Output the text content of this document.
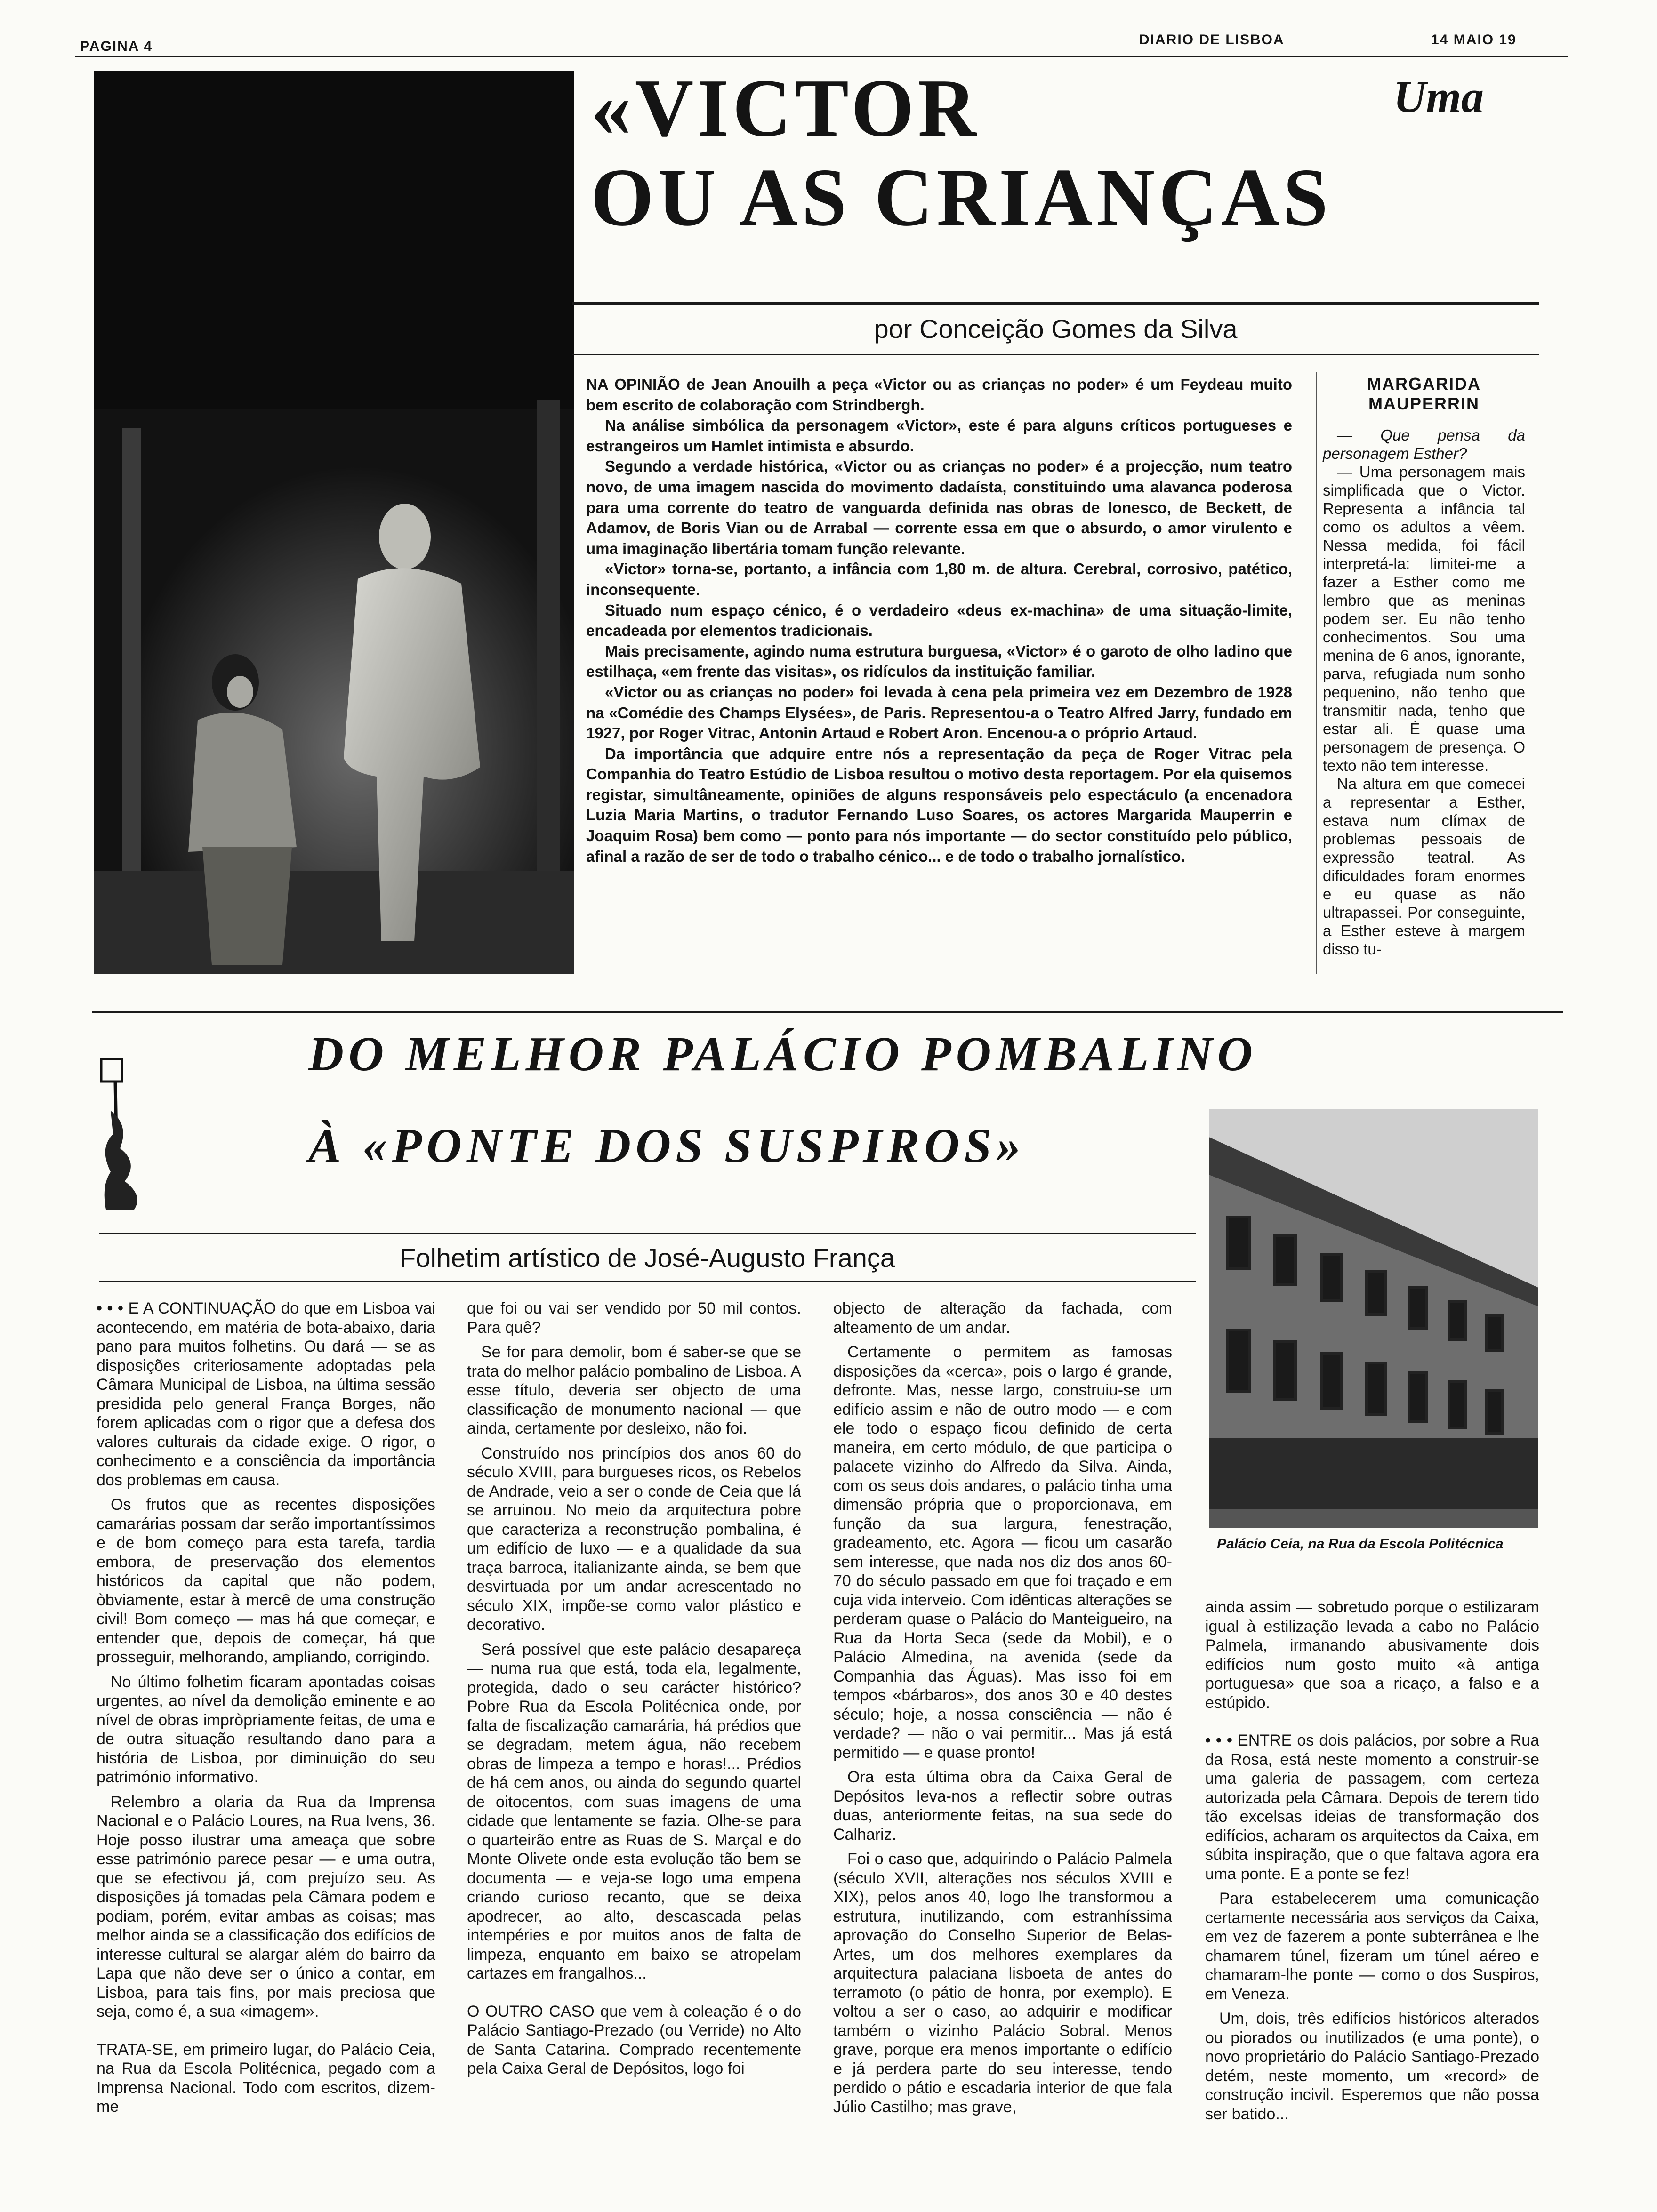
PAGINA 4	DIARIO DE LISBOA	14 MAIO 19
«VICTOR
OU AS CRIANÇAS
Uma
por Conceição Gomes da Silva

NA OPINIÃO de Jean Anouilh a peça «Victor ou as crianças no poder» é um Feydeau muito bem escrito de colaboração com Strindbergh.

Na análise simbólica da personagem «Victor», este é para alguns críticos portugueses e estrangeiros um Hamlet intimista e absurdo.

Segundo a verdade histórica, «Victor ou as crianças no poder» é a projecção, num teatro novo, de uma imagem nascida do movimento dadaísta, constituindo uma alavanca poderosa para uma corrente do teatro de vanguarda definida nas obras de Ionesco, de Beckett, de Adamov, de Boris Vian ou de Arrabal — corrente essa em que o absurdo, o amor virulento e uma imaginação libertária tomam função relevante.

«Victor» torna-se, portanto, a infância com 1,80 m. de altura. Cerebral, corrosivo, patético, inconsequente.

Situado num espaço cénico, é o verdadeiro «deus ex-machina» de uma situação-limite, encadeada por elementos tradicionais.

Mais precisamente, agindo numa estrutura burguesa, «Victor» é o garoto de olho ladino que estilhaça, «em frente das visitas», os ridículos da instituição familiar.

«Victor ou as crianças no poder» foi levada à cena pela primeira vez em Dezembro de 1928 na «Comédie des Champs Elysées», de Paris. Representou-a o Teatro Alfred Jarry, fundado em 1927, por Roger Vitrac, Antonin Artaud e Robert Aron. Encenou-a o próprio Artaud.

Da importância que adquire entre nós a representação da peça de Roger Vitrac pela Companhia do Teatro Estúdio de Lisboa resultou o motivo desta reportagem. Por ela quisemos registar, simultâneamente, opiniões de alguns responsáveis pelo espectáculo (a encenadora Luzia Maria Martins, o tradutor Fernando Luso Soares, os actores Margarida Mauperrin e Joaquim Rosa) bem como — ponto para nós importante — do sector constituído pelo público, afinal a razão de ser de todo o trabalho cénico... e de todo o trabalho jornalístico.

MARGARIDA MAUPERRIN

— Que pensa da personagem Esther?

— Uma personagem mais simplificada que o Victor. Representa a infância tal como os adultos a vêem. Nessa medida, foi fácil interpretá-la: limitei-me a fazer a Esther como me lembro que as meninas podem ser. Eu não tenho conhecimentos. Sou uma menina de 6 anos, ignorante, parva, refugiada num sonho pequenino, não tenho que transmitir nada, tenho que estar ali. É quase uma personagem de presença. O texto não tem interesse.

Na altura em que comecei a representar a Esther, estava num clímax de problemas pessoais de expressão teatral. As dificuldades foram enormes e eu quase as não ultrapassei. Por conseguinte, a Esther esteve à margem disso tu-

DO MELHOR PALÁCIO POMBALINO
À «PONTE DOS SUSPIROS»
Folhetim artístico de José-Augusto França
Palácio Ceia, na Rua da Escola Politécnica

• • • E A CONTINUAÇÃO do que em Lisboa vai acontecendo, em matéria de bota-abaixo, daria pano para muitos folhetins. Ou dará — se as disposições criteriosamente adoptadas pela Câmara Municipal de Lisboa, na última sessão presidida pelo general França Borges, não forem aplicadas com o rigor que a defesa dos valores culturais da cidade exige. O rigor, o conhecimento e a consciência da importância dos problemas em causa.

Os frutos que as recentes disposições camarárias possam dar serão importantíssimos e de bom começo para esta tarefa, tardia embora, de preservação dos elementos históricos da capital que não podem, òbviamente, estar à mercê de uma construção civil! Bom começo — mas há que começar, e entender que, depois de começar, há que prosseguir, melhorando, ampliando, corrigindo.

No último folhetim ficaram apontadas coisas urgentes, ao nível da demolição eminente e ao nível de obras impròpriamente feitas, de uma e de outra situação resultando dano para a história de Lisboa, por diminuição do seu património informativo.

Relembro a olaria da Rua da Imprensa Nacional e o Palácio Loures, na Rua Ivens, 36. Hoje posso ilustrar uma ameaça que sobre esse património parece pesar — e uma outra, que se efectivou já, com prejuízo seu. As disposições já tomadas pela Câmara podem e podiam, porém, evitar ambas as coisas; mas melhor ainda se a classificação dos edifícios de interesse cultural se alargar além do bairro da Lapa que não deve ser o único a contar, em Lisboa, para tais fins, por mais preciosa que seja, como é, a sua «imagem».

TRATA-SE, em primeiro lugar, do Palácio Ceia, na Rua da Escola Politécnica, pegado com a Imprensa Nacional. Todo com escritos, dizem-me

que foi ou vai ser vendido por 50 mil contos. Para quê?

Se for para demolir, bom é saber-se que se trata do melhor palácio pombalino de Lisboa. A esse título, deveria ser objecto de uma classificação de monumento nacional — que ainda, certamente por desleixo, não foi.

Construído nos princípios dos anos 60 do século XVIII, para burgueses ricos, os Rebelos de Andrade, veio a ser o conde de Ceia que lá se arruinou. No meio da arquitectura pobre que caracteriza a reconstrução pombalina, é um edifício de luxo — e a qualidade da sua traça barroca, italianizante ainda, se bem que desvirtuada por um andar acrescentado no século XIX, impõe-se como valor plástico e decorativo.

Será possível que este palácio desapareça — numa rua que está, toda ela, legalmente, protegida, dado o seu carácter histórico? Pobre Rua da Escola Politécnica onde, por falta de fiscalização camarária, há prédios que se degradam, metem água, não recebem obras de limpeza a tempo e horas!... Prédios de há cem anos, ou ainda do segundo quartel de oitocentos, com suas imagens de uma cidade que lentamente se fazia. Olhe-se para o quarteirão entre as Ruas de S. Marçal e do Monte Olivete onde esta evolução tão bem se documenta — e veja-se logo uma empena criando curioso recanto, que se deixa apodrecer, ao alto, descascada pelas intempéries e por muitos anos de falta de limpeza, enquanto em baixo se atropelam cartazes em frangalhos...

O OUTRO CASO que vem à coleação é o do Palácio Santiago-Prezado (ou Verride) no Alto de Santa Catarina. Comprado recentemente pela Caixa Geral de Depósitos, logo foi

objecto de alteração da fachada, com alteamento de um andar.

Certamente o permitem as famosas disposições da «cerca», pois o largo é grande, defronte. Mas, nesse largo, construiu-se um edifício assim e não de outro modo — e com ele todo o espaço ficou definido de certa maneira, em certo módulo, de que participa o palacete vizinho do Alfredo da Silva. Ainda, com os seus dois andares, o palácio tinha uma dimensão própria que o proporcionava, em função da sua largura, fenestração, gradeamento, etc. Agora — ficou um casarão sem interesse, que nada nos diz dos anos 60-70 do século passado em que foi traçado e em cuja vida interveio. Com idênticas alterações se perderam quase o Palácio do Manteigueiro, na Rua da Horta Seca (sede da Mobil), e o Palácio Almedina, na avenida (sede da Companhia das Águas). Mas isso foi em tempos «bárbaros», dos anos 30 e 40 destes século; hoje, a nossa consciência — não é verdade? — não o vai permitir... Mas já está permitido — e quase pronto!

Ora esta última obra da Caixa Geral de Depósitos leva-nos a reflectir sobre outras duas, anteriormente feitas, na sua sede do Calhariz.

Foi o caso que, adquirindo o Palácio Palmela (século XVII, alterações nos séculos XVIII e XIX), pelos anos 40, logo lhe transformou a estrutura, inutilizando, com estranhíssima aprovação do Conselho Superior de Belas-Artes, um dos melhores exemplares da arquitectura palaciana lisboeta de antes do terramoto (o pátio de honra, por exemplo). E voltou a ser o caso, ao adquirir e modificar também o vizinho Palácio Sobral. Menos grave, porque era menos importante o edifício e já perdera parte do seu interesse, tendo perdido o pátio e escadaria interior de que fala Júlio Castilho; mas grave,

ainda assim — sobretudo porque o estilizaram igual à estilização levada a cabo no Palácio Palmela, irmanando abusivamente dois edifícios num gosto muito «à antiga portuguesa» que soa a ricaço, a falso e a estúpido.

• • • ENTRE os dois palácios, por sobre a Rua da Rosa, está neste momento a construir-se uma galeria de passagem, com certeza autorizada pela Câmara. Depois de terem tido tão excelsas ideias de transformação dos edifícios, acharam os arquitectos da Caixa, em súbita inspiração, que o que faltava agora era uma ponte. E a ponte se fez!

Para estabelecerem uma comunicação certamente necessária aos serviços da Caixa, em vez de fazerem a ponte subterrânea e lhe chamarem túnel, fizeram um túnel aéreo e chamaram-lhe ponte — como o dos Suspiros, em Veneza.

Um, dois, três edifícios históricos alterados ou piorados ou inutilizados (e uma ponte), o novo proprietário do Palácio Santiago-Prezado detém, neste momento, um «record» de construção incivil. Esperemos que não possa ser batido...
